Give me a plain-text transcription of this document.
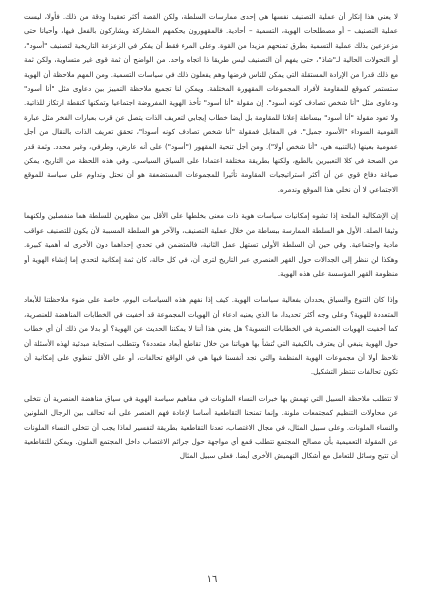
لا يعني هذا إنكار أن عملية التصنيف نفسها هي إحدى ممارسات السلطة، ولكن القصة أكثر تعقيدا وِدقة من ذلك. فأولا، ليست عملية التصنيف – أو مصطلحات الهوية، التسمية – أحادية. فالمقهورون يحكمهم المشاركة ويشاركون بالفعل فيها، وأحيانا حتى مزعزعين بذلك عملية التسمية بطرق تمنحهم مزيدا من القوة. وعلى المرء فقط أن يفكر في الزعزعة التاريخية لتصنيف "أسود"، أو التحولات الحالية لـ"شاذ"، حتى يفهم أن التصنيف ليس طريقا ذا اتجاه واحد. من الواضح أن ثمة قوى غير متساوية، ولكن ثمة مع ذلك قدرا من الإرادة المستقلة التي يمكن للناس فرضها وهم يفعلون ذلك في سياسات التسمية. ومن المهم ملاحظة أن الهوية ستستمر كموقع للمقاومة لأفراد المجموعات المقهورة المختلفة. ويمكن لنا تجميع ملاحظة التمييز بين دعاوى مثل "أنا أسود" ودعاوى مثل "أنا شخص تصادف كونه أسود". إن مقولة "أنا أسود" تأخذ الهوية المفروضة اجتماعيا وتمكنها كنقطة ارتكاز للذاتية. ولا تعود مقولة "أنا أسود" ببساطة إعلانا للمقاومة بل أيضا خطاب إيجابي لتعريف الذات يتصل عن قرب بعبارات الفخر مثل عبارة القومية السوداء "الأسود جميل". في المقابل فمقولة "أنا شخص تصادف كونه أسودا"، تحقق تعريف الذات بالنقال من أجل عمومية بعينها (بالتنبيه هي، "أنا شخص أولا"). ومن أجل تنحية المقهور ("أسود") على أنه عارض، وطرفي، وغير محدد. وثمة قدر من الصحة في كلا التعبيرين بالطبع، ولكنها بطريقة مختلفة اعتمادا على السياق السياسي. وفي هذه اللحظة من التاريخ، يمكن صياغة دفاع قوي عن أن أكثر استراتيجيات المقاومة تأثيرا للمجموعات المستضعفة هو أن نحتل ونداوم على سياسة للموقع الاجتماعي لا أن نخلي هذا الموقع وندمره.

إن الإشكالية الملحة إذا تشوه إمكانيات سياسات هوية ذات معنى بخلطها على الأقل بين مظهرين للسلطة هما منفصلين ولكنهما وثيقا الصلة. الأول هو السلطة الممارسة ببساطة من خلال عملية التصنيف، والآخر هو السلطة المسببة لأن يكون للتصنيف عواقب مادية واجتماعية. وفي حين أن السلطة الأولى تستهل عمل الثانية، فالمتضمن في تحدي إحداهما دون الأخرى له أهمية كبيرة. وهكذا لن ننظر إلى الجدالات حول القهر العنصري عبر التاريخ لترى أن، في كل حالة، كان ثمة إمكانية لتحدي إما إنشاء الهوية أو منظومة القهر المؤسسة على هذه الهوية.

وإذا كان التنوع والسياق يحددان بفعالية سياسات الهوية. كيف إذا نفهم هذه السياسات اليوم، خاصة على ضوء ملاحظتنا للأبعاد المتعددة للهوية؟ وعلى وجه أكثر تحديدا، ما الذي يعنيه ادعاء أن الهويات المجموعة قد أخفيت في الخطابات المناهضة للعنصرية، كما أخفيت الهويات العنصرية في الخطابات النسوية؟ هل يعني هذا أننا لا يمكننا الحديث عن الهوية؟ أو بدلا من ذلك أن أي خطاب حول الهوية ينبغي أن يعترف بالكيفية التي تُنشأ بها هوياتنا من خلال تقاطع أبعاد متعددة؟ وتتطلب استجابة مبدئية لهذه الأسئلة أن نلاحظ أولا أن مجموعات الهوية المنظمة والتي نجد أنفسنا فيها هي في الواقع تحالفات، أو على الأقل تنطوي على إمكانية أن تكون تحالفات تنتظر التشكيل.

لا تتطلب ملاحظة السبيل التي تهمش بها خبرات النساء الملونات في مفاهيم سياسة الهوية في سياق مناهضة العنصرية أن نتخلى عن محاولات التنظيم كمجتمعات ملونة. وإنما تمنحنا التقاطعية أساسا لإعادة فهم العنصر على أنه تحالف بين الرجال الملونين والنساء الملونات. وعلى سبيل المثال، في مجال الاغتصاب، تعدنا التقاطعية بطريقة لتفسير لماذا يجب أن تتخلى النساء الملونات عن المقولة التعميمية بأن مصالح المجتمع تتطلب قمع أي مواجهة حول جرائم الاغتصاب داخل المجتمع الملون. ويمكن للتقاطعية أن تتيح وسائل للتعامل مع أشكال التهميش الأخرى أيضا. فعلى سبيل المثال

١٦
